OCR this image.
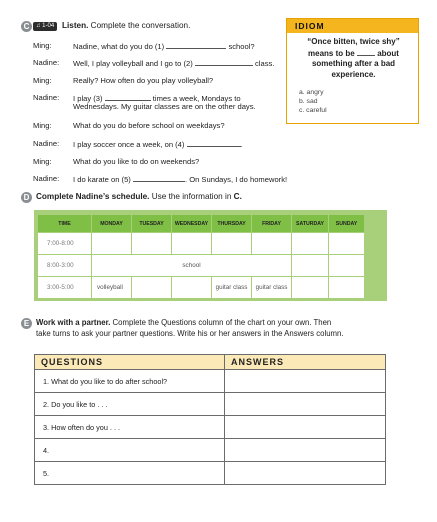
C	♫ 1-04 Listen. Complete the conversation.
Ming:	Nadine, what do you do (1)	school?
Nadine: Well, I play volleyball and I go to (2)	class.
Ming:	Really? How often do you play volleyball?
Nadine: I play (3)	times a week, Mondays to
Wednesdays. My guitar classes are on the other days.
Ming:	What do you do before school on weekdays?
Nadine: I play soccer once a week, on (4)	.
Ming:	What do you like to do on weekends?
Nadine: I do karate on (5)	. On Sundays, I do homework!
IDIOM
“Once bitten, twice shy”
means to be	about
something after a bad
experience.
a. angry
b. sad
c. careful
D Complete Nadine’s schedule. Use the information in C.
TIME	MONDAY	TUESDAY	WEDNESDAY	THURSDAY	FRIDAY	SATURDAY	SUNDAY
7:00-8:00							
8:00-3:00			school				
3:00-5:00	volleyball			guitar class	guitar class		
E Work with a partner. Complete the Questions column of the chart on your own. Then
take turns to ask your partner questions. Write his or her answers in the Answers column.
QUESTIONS	ANSWERS
1. What do you like to do after school?	
2. Do you like to . . .	
3. How often do you . . .	
4.	
5.	
